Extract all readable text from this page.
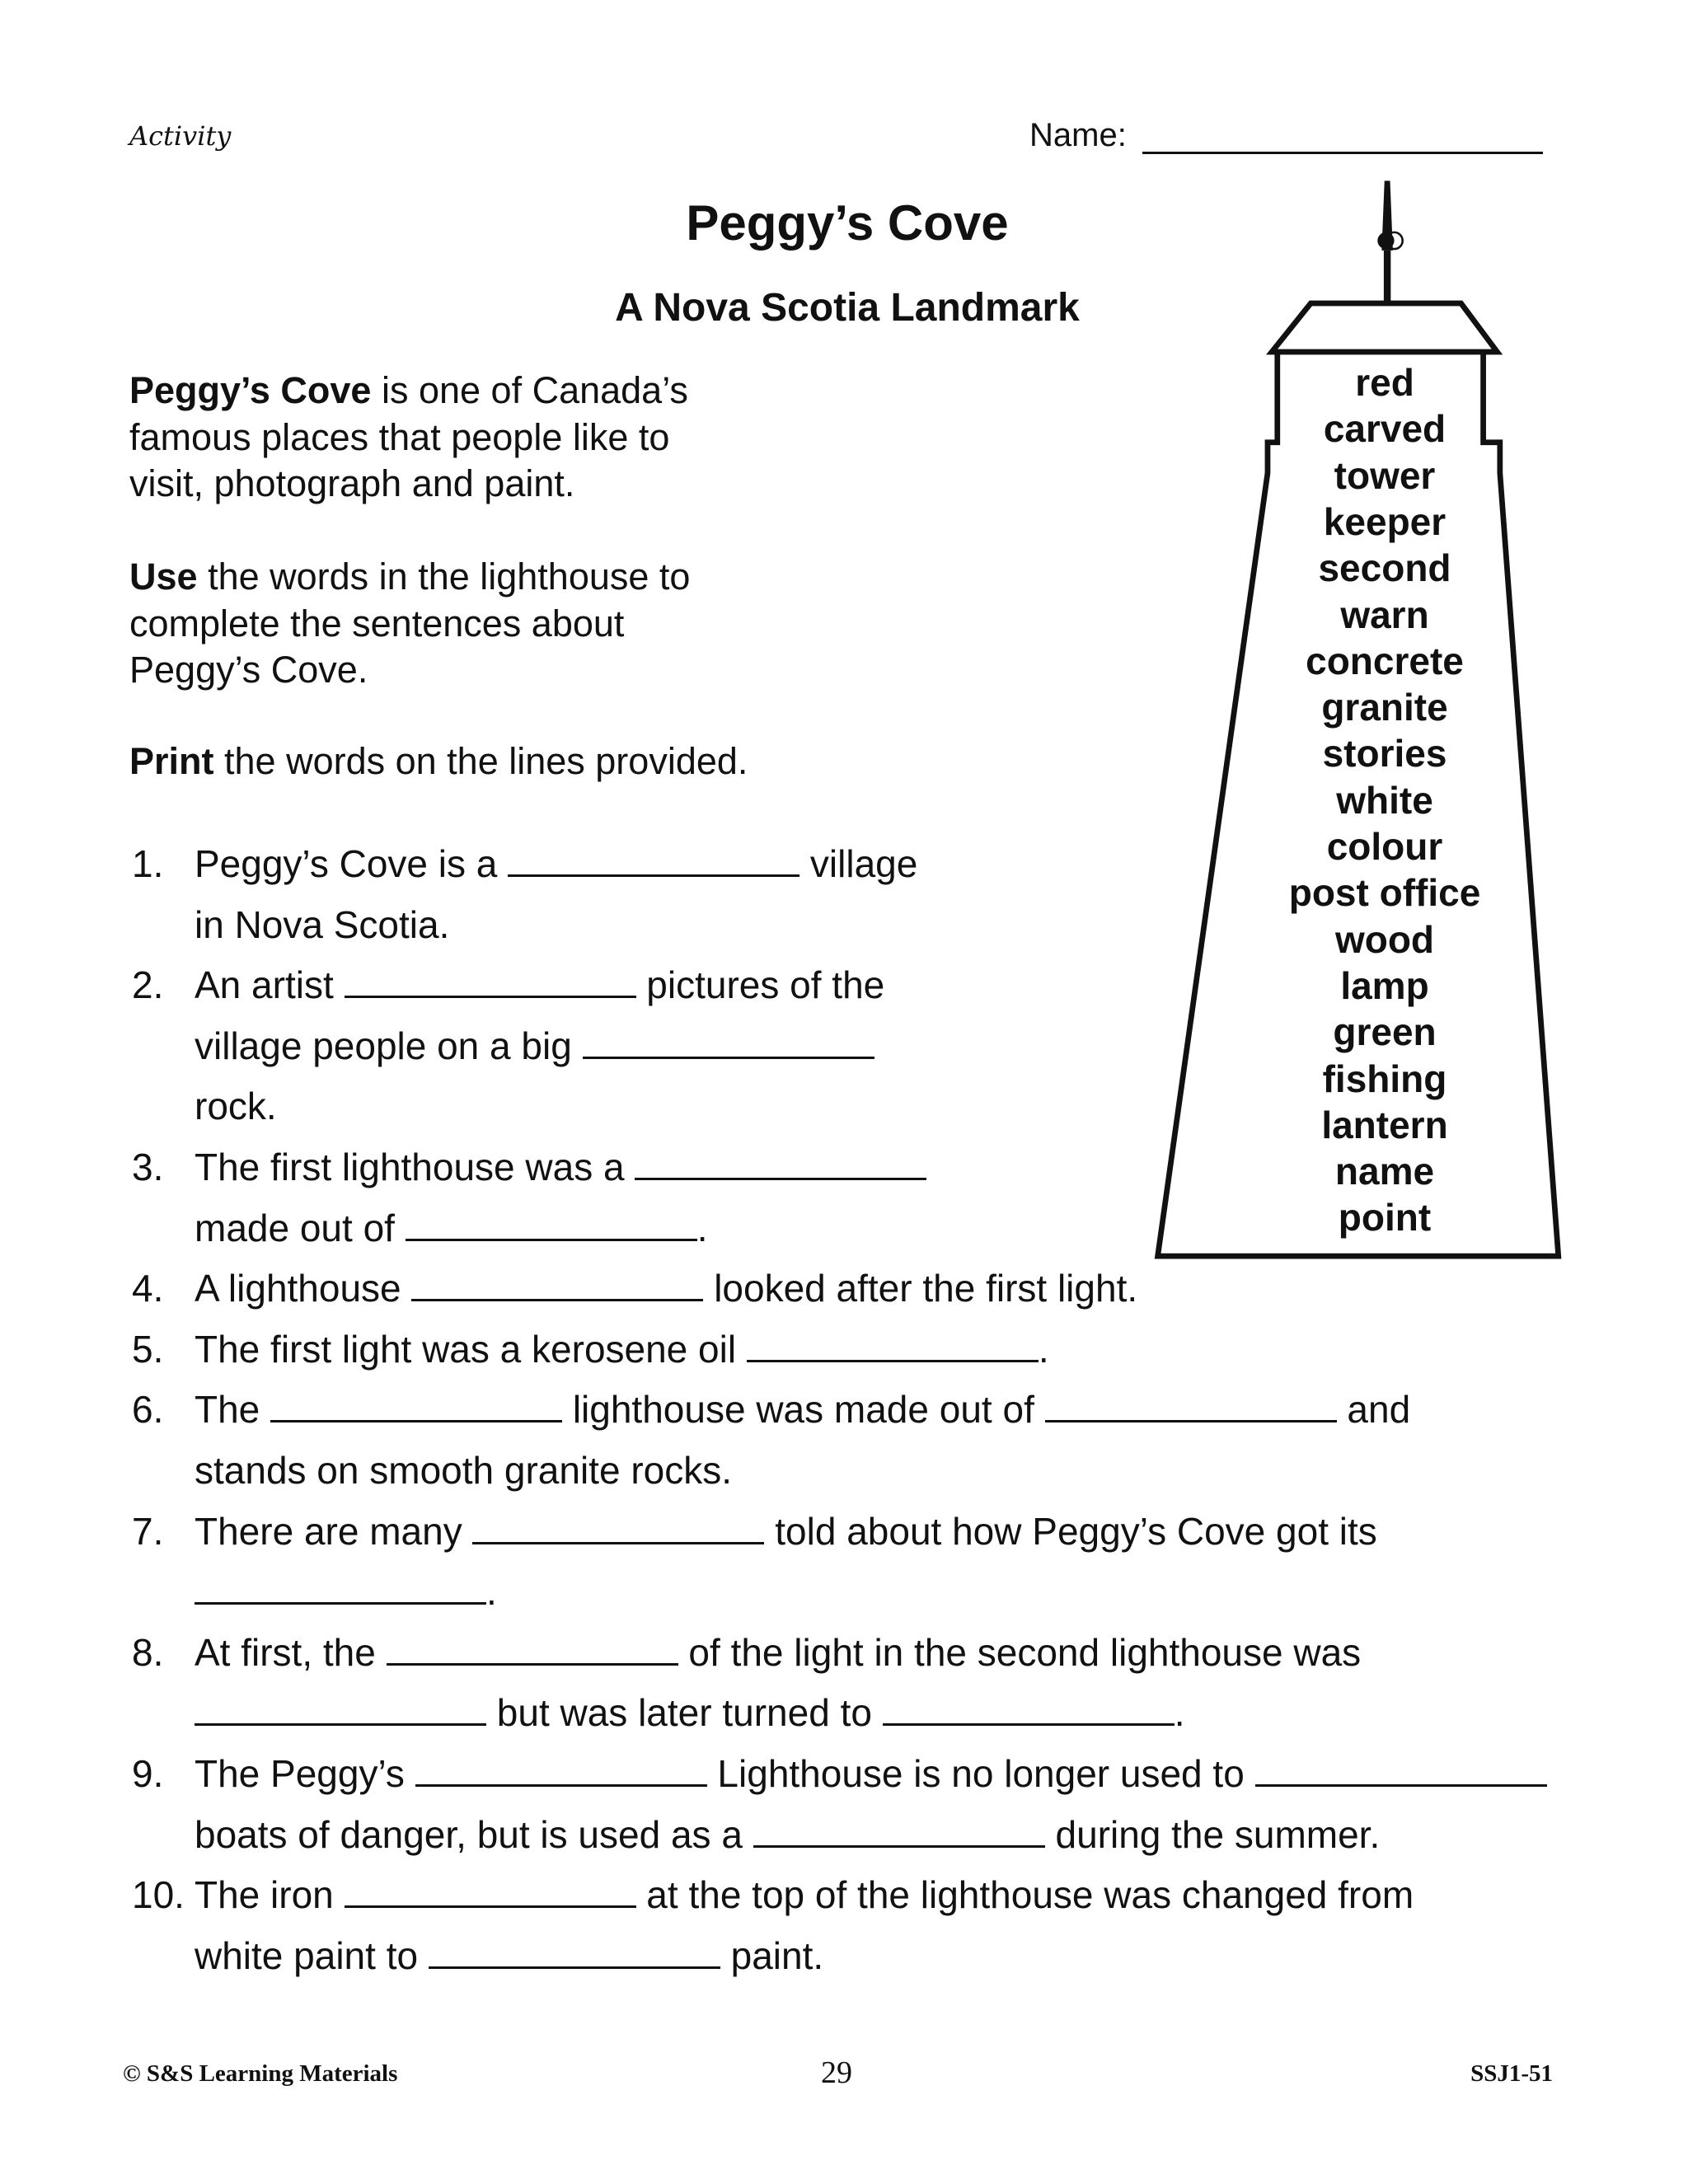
Activity	Name:
Peggy’s Cove
A Nova Scotia Landmark
Peggy’s Cove is one of Canada’s
famous places that people like to
visit, photograph and paint.
Use the words in the lighthouse to
complete the sentences about
Peggy’s Cove.
Print the words on the lines provided.
red
carved
tower
keeper
second
warn
concrete
granite
stories
white
colour
post office
wood
lamp
green
fishing
lantern
name
point
1. Peggy’s Cove is a	village
in Nova Scotia.
2. An artist	pictures of the
village people on a big
rock.
3. The first lighthouse was a
made out of	.
4. A lighthouse	looked after the first light.
5. The first light was a kerosene oil	.
6. The	lighthouse was made out of	and
stands on smooth granite rocks.
7. There are many	told about how Peggy’s Cove got its
.
8. At first, the	of the light in the second lighthouse was
but was later turned to	.
9. The Peggy’s	Lighthouse is no longer used to
boats of danger, but is used as a	during the summer.
10. The iron	at the top of the lighthouse was changed from
white paint to	paint.
© S&S Learning Materials	29	SSJ1-51
